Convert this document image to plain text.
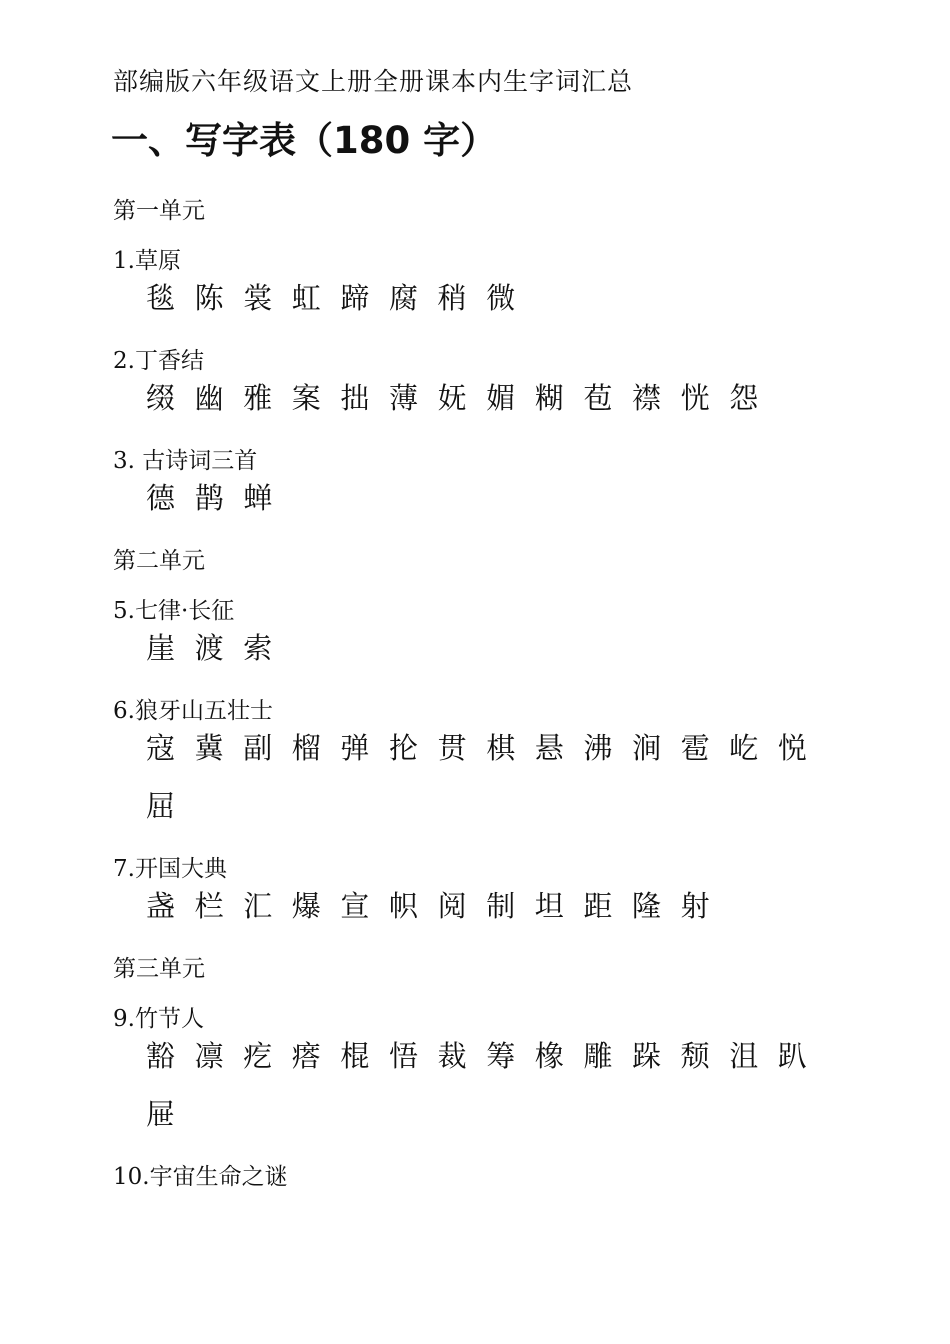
部编版六年级语文上册全册课本内生字词汇总
一、写字表（180 字）
第一单元
1.草原
毯 陈 裳 虹 蹄 腐 稍 微
2.丁香结
缀 幽 雅 案 拙 薄 妩 媚 糊 苞 襟 恍 怨
3. 古诗词三首
德 鹊 蝉
第二单元
5.七律·长征
崖 渡 索
6.狼牙山五壮士
寇 冀 副 榴 弹 抡 贯 棋 悬 沸 涧 雹 屹 悦
屈
7.开国大典
盏 栏 汇 爆 宣 帜 阅 制 坦 距 隆 射
第三单元
9.竹节人
豁 凛 疙 瘩 棍 悟 裁 筹 橡 雕 跺 颓 沮 趴
屉
10.宇宙生命之谜
